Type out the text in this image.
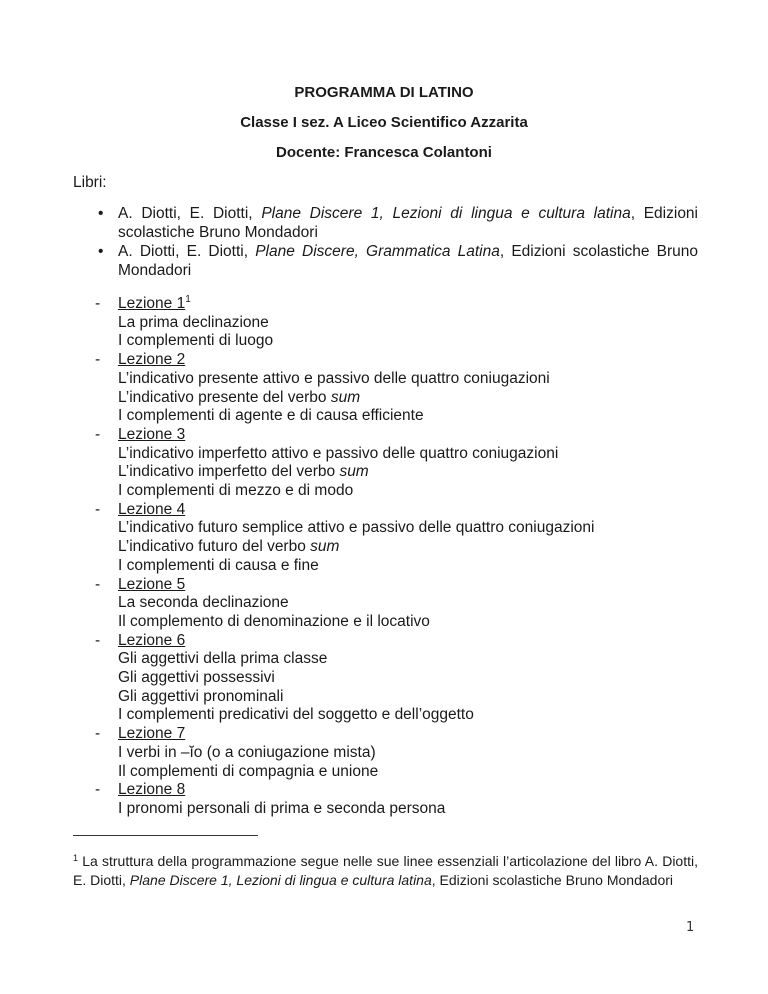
PROGRAMMA DI LATINO
Classe I sez. A Liceo Scientifico Azzarita
Docente: Francesca Colantoni
Libri:

• A. Diotti, E. Diotti, Plane Discere 1, Lezioni di lingua e cultura latina, Edizioni scolastiche Bruno Mondadori

• A. Diotti, E. Diotti, Plane Discere, Grammatica Latina, Edizioni scolastiche Bruno Mondadori

- Lezione $1^1$
La prima declinazione
I complementi di luogo
- Lezione 2
L’indicativo presente attivo e passivo delle quattro coniugazioni
L’indicativo presente del verbo sum
I complementi di agente e di causa efficiente
- Lezione 3
L’indicativo imperfetto attivo e passivo delle quattro coniugazioni
L’indicativo imperfetto del verbo sum
I complementi di mezzo e di modo
- Lezione 4
L’indicativo futuro semplice attivo e passivo delle quattro coniugazioni
L’indicativo futuro del verbo sum
I complementi di causa e fine
- Lezione 5
La seconda declinazione
Il complemento di denominazione e il locativo
- Lezione 6
Gli aggettivi della prima classe
Gli aggettivi possessivi
Gli aggettivi pronominali
I complementi predicativi del soggetto e dell’oggetto
- Lezione 7
I verbi in –ĭo (o a coniugazione mista)
Il complementi di compagnia e unione
- Lezione 8
I pronomi personali di prima e seconda persona
$^1$ La struttura della programmazione segue nelle sue linee essenziali l’articolazione del libro A. Diotti, E. Diotti, Plane Discere 1, Lezioni di lingua e cultura latina, Edizioni scolastiche Bruno Mondadori
1
